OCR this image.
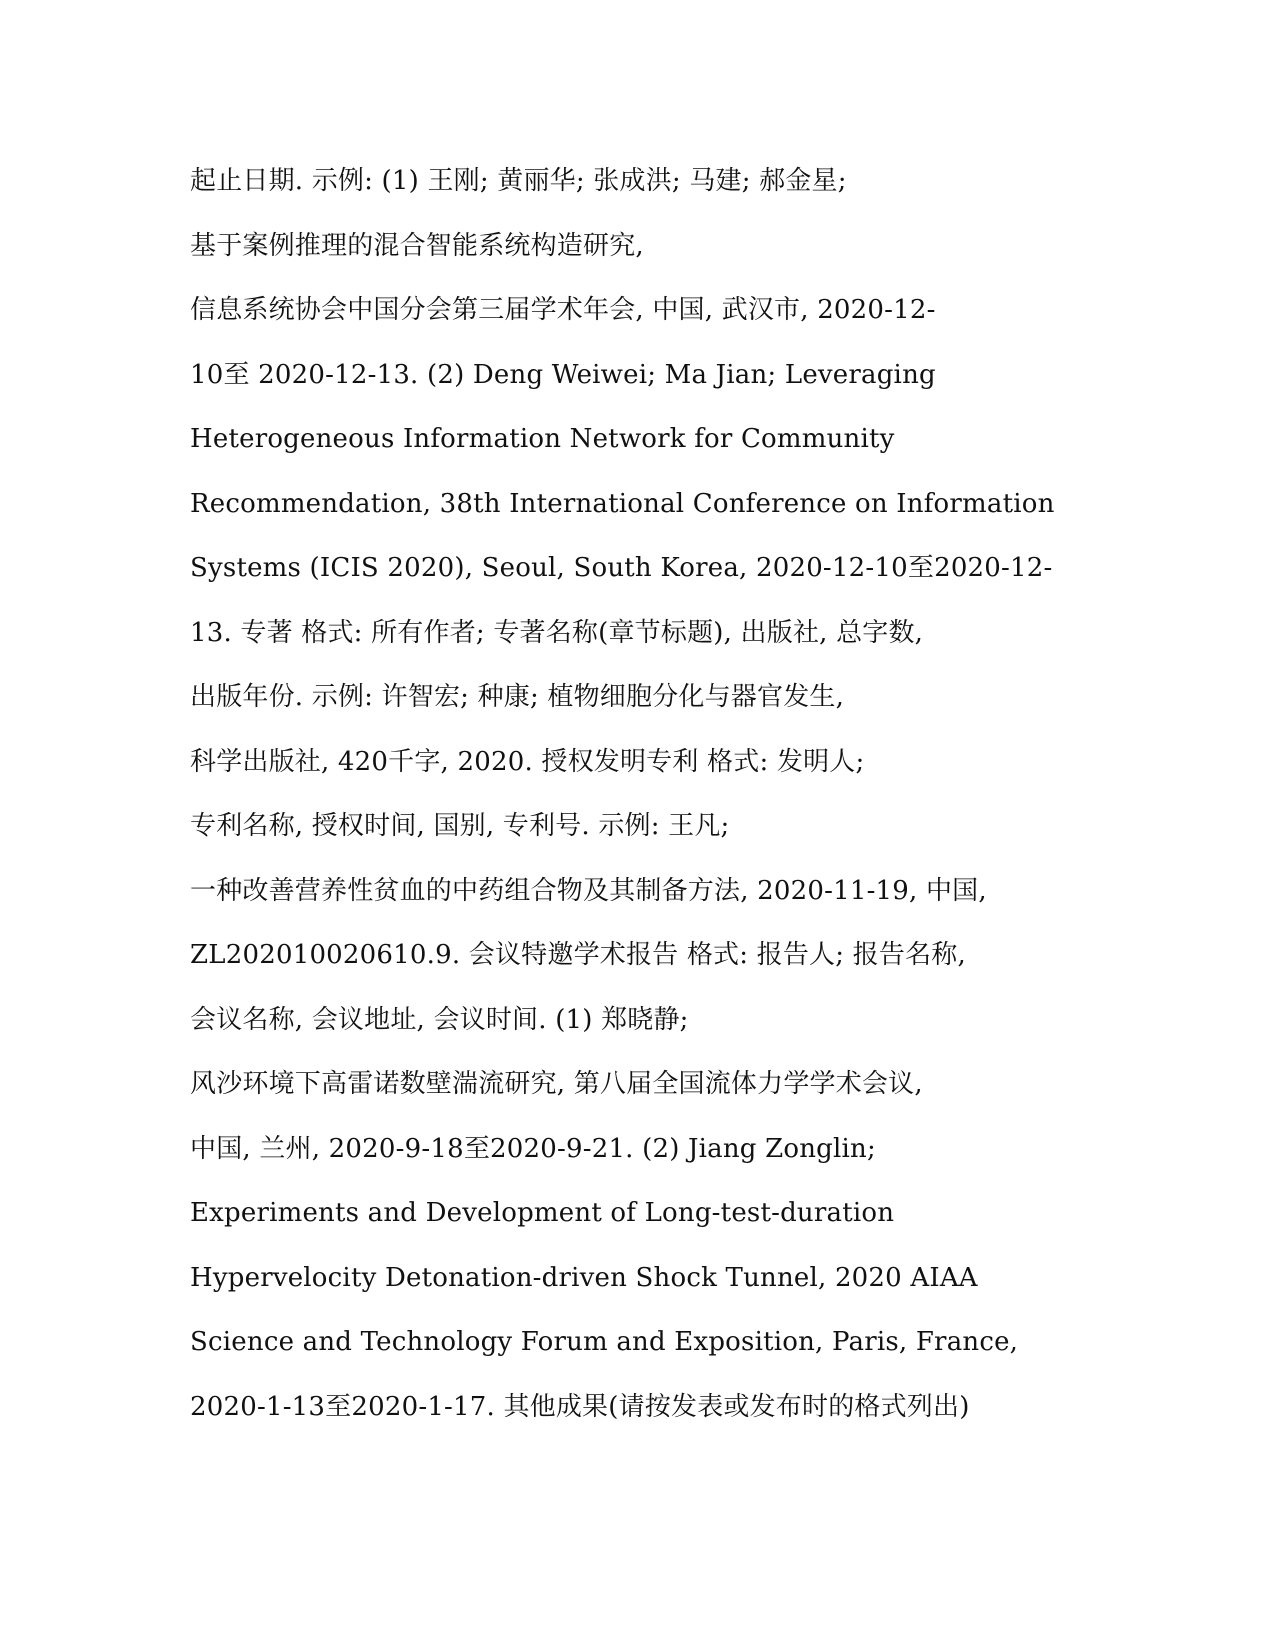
起止日期. 示例: (1) 王刚; 黄丽华; 张成洪; 马建; 郝金星;
基于案例推理的混合智能系统构造研究,
信息系统协会中国分会第三届学术年会, 中国, 武汉市, 2020-12-
10至 2020-12-13. (2) Deng Weiwei; Ma Jian; Leveraging
Heterogeneous Information Network for Community
Recommendation, 38th International Conference on Information
Systems (ICIS 2020), Seoul, South Korea, 2020-12-10至2020-12-
13. 专著 格式: 所有作者; 专著名称(章节标题), 出版社, 总字数,
出版年份. 示例: 许智宏; 种康; 植物细胞分化与器官发生,
科学出版社, 420千字, 2020. 授权发明专利 格式: 发明人;
专利名称, 授权时间, 国别, 专利号. 示例: 王凡;
一种改善营养性贫血的中药组合物及其制备方法, 2020-11-19, 中国,
ZL202010020610.9. 会议特邀学术报告 格式: 报告人; 报告名称,
会议名称, 会议地址, 会议时间. (1) 郑晓静;
风沙环境下高雷诺数壁湍流研究, 第八届全国流体力学学术会议,
中国, 兰州, 2020-9-18至2020-9-21. (2) Jiang Zonglin;
Experiments and Development of Long-test-duration
Hypervelocity Detonation-driven Shock Tunnel, 2020 AIAA
Science and Technology Forum and Exposition, Paris, France,
2020-1-13至2020-1-17. 其他成果(请按发表或发布时的格式列出)
